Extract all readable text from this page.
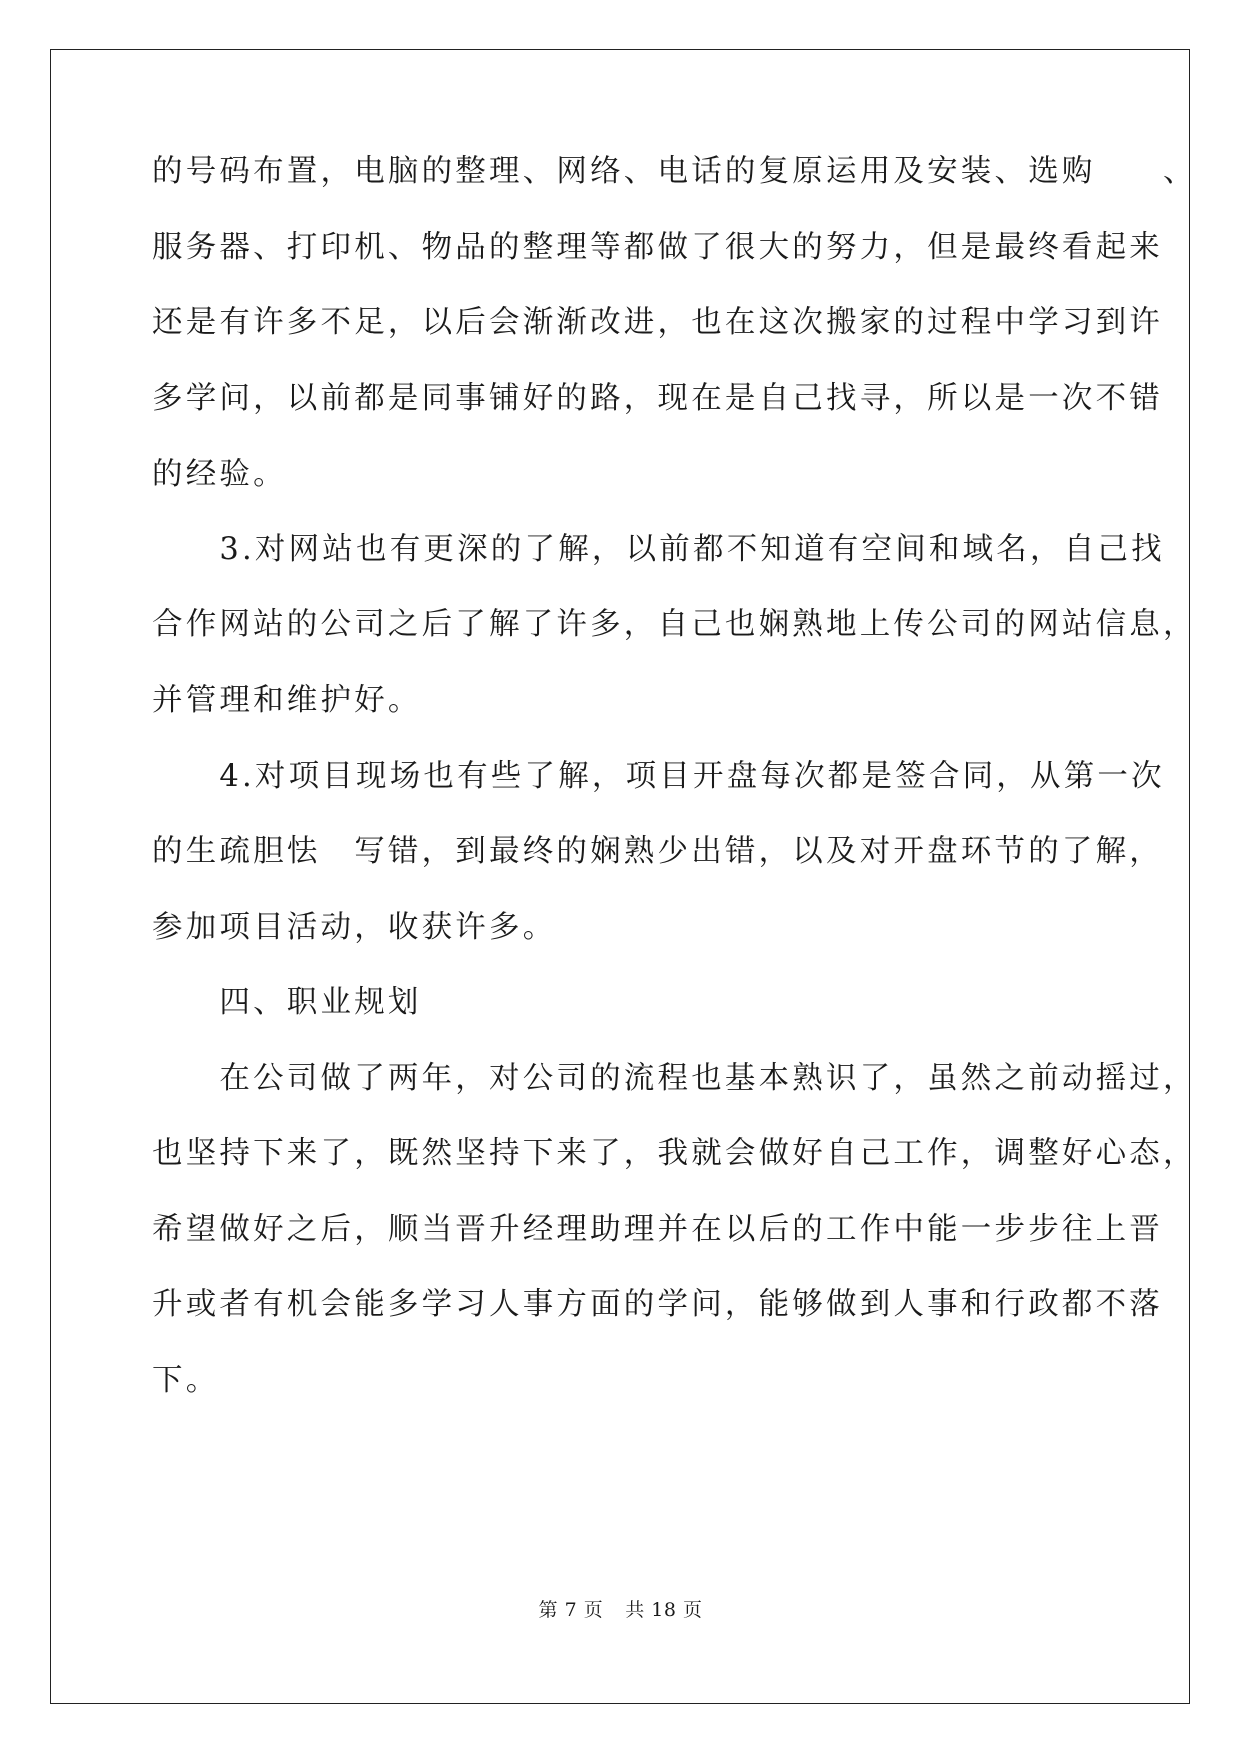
的号码布置，电脑的整理、网络、电话的复原运用及安装、选购　　、
服务器、打印机、物品的整理等都做了很大的努力，但是最终看起来
还是有许多不足，以后会渐渐改进，也在这次搬家的过程中学习到许
多学问，以前都是同事铺好的路，现在是自己找寻，所以是一次不错
的经验。
　　3.对网站也有更深的了解，以前都不知道有空间和域名，自己找
合作网站的公司之后了解了许多，自己也娴熟地上传公司的网站信息，
并管理和维护好。
　　4.对项目现场也有些了解，项目开盘每次都是签合同，从第一次
的生疏胆怯　写错，到最终的娴熟少出错，以及对开盘环节的了解，
参加项目活动，收获许多。
　　四、职业规划
　　在公司做了两年，对公司的流程也基本熟识了，虽然之前动摇过，
也坚持下来了，既然坚持下来了，我就会做好自己工作，调整好心态，
希望做好之后，顺当晋升经理助理并在以后的工作中能一步步往上晋
升或者有机会能多学习人事方面的学问，能够做到人事和行政都不落
下。
第 7 页 共 18 页
